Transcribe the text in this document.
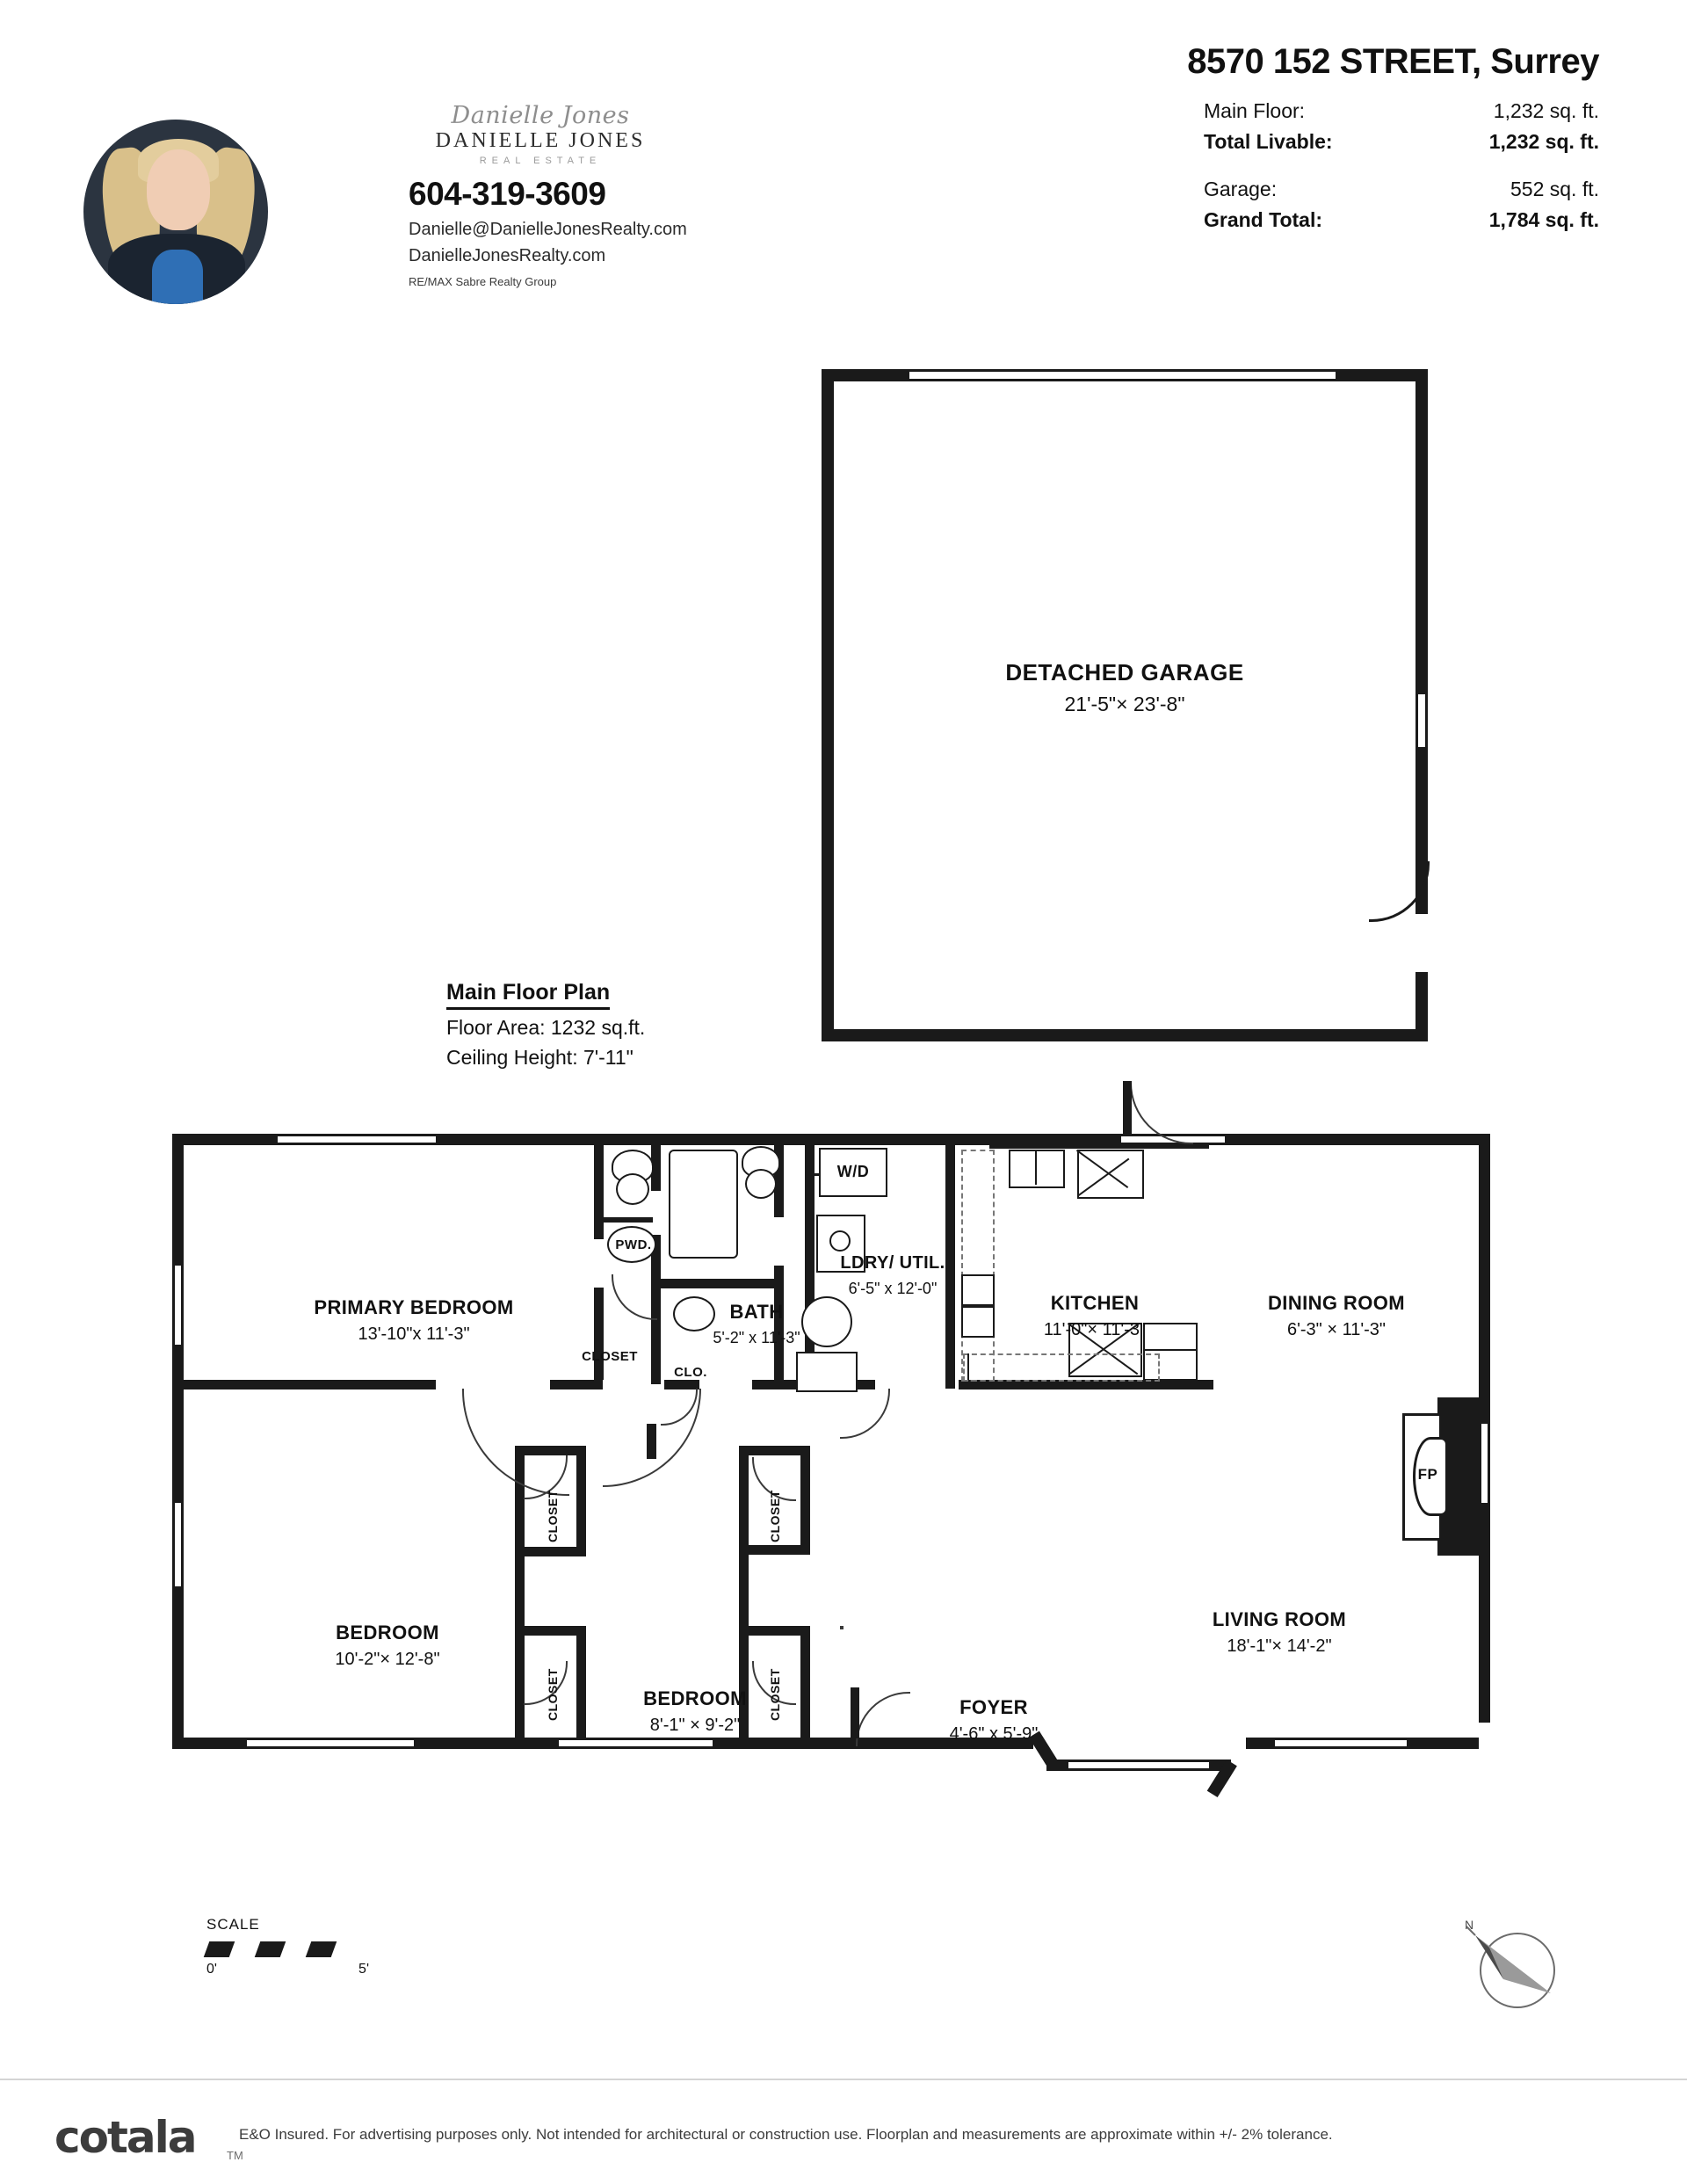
Danielle Jones
DANIELLE JONES
REAL ESTATE
604-319-3609
Danielle@DanielleJonesRealty.com
DanielleJonesRealty.com
RE/MAX Sabre Realty Group
8570 152 STREET, Surrey
Main Floor:	1,232 sq. ft.
Total Livable:	1,232 sq. ft.
Garage:	552 sq. ft.
Grand Total:	1,784 sq. ft.
DETACHED GARAGE
21'-5"× 23'-8"
Main Floor Plan
Floor Area: 1232 sq.ft.
Ceiling Height: 7'-11"
FP
PRIMARY BEDROOM
13'-10"x 11'-3"
BEDROOM
10'-2"× 12'-8"
BEDROOM
8'-1" × 9'-2"
BATH
5'-2" x 11'-3"
LDRY/ UTIL.
6'-5" x 12'-0"
KITCHEN
11'-0"× 11'-3"
DINING ROOM
6'-3" × 11'-3"
LIVING ROOM
18'-1"× 14'-2"
FOYER
4'-6" x 5'-9"
PWD.
W/D
CLOSET
CLO.
CLOSET
CLOSET
CLOSET
CLOSET
SCALE
0'	5'
N
cotala	TM
E&O Insured. For advertising purposes only. Not intended for architectural or construction use. Floorplan and measurements are approximate within +/- 2% tolerance.
